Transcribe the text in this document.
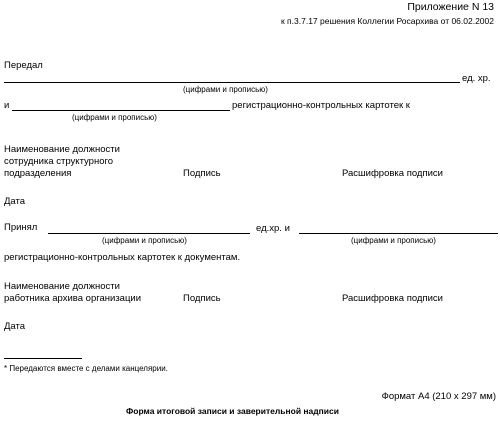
Приложение N 13
к п.3.7.17 решения Коллегии Росархива от 06.02.2002
Передал
ед. хр.
(цифрами и прописью)
и	регистрационно-контрольных картотек к
(цифрами и прописью)
Наименование должности
сотрудника структурного
подразделения	Подпись	Расшифровка подписи
Дата
Принял	ед.хр. и
(цифрами и прописью)	(цифрами и прописью)
регистрационно-контрольных картотек к документам.
Наименование должности
работника архива организации	Подпись	Расшифровка подписи
Дата
* Передаются вместе с делами канцелярии.
Формат А4 (210 x 297 мм)
Форма итоговой записи и заверительной надписи
